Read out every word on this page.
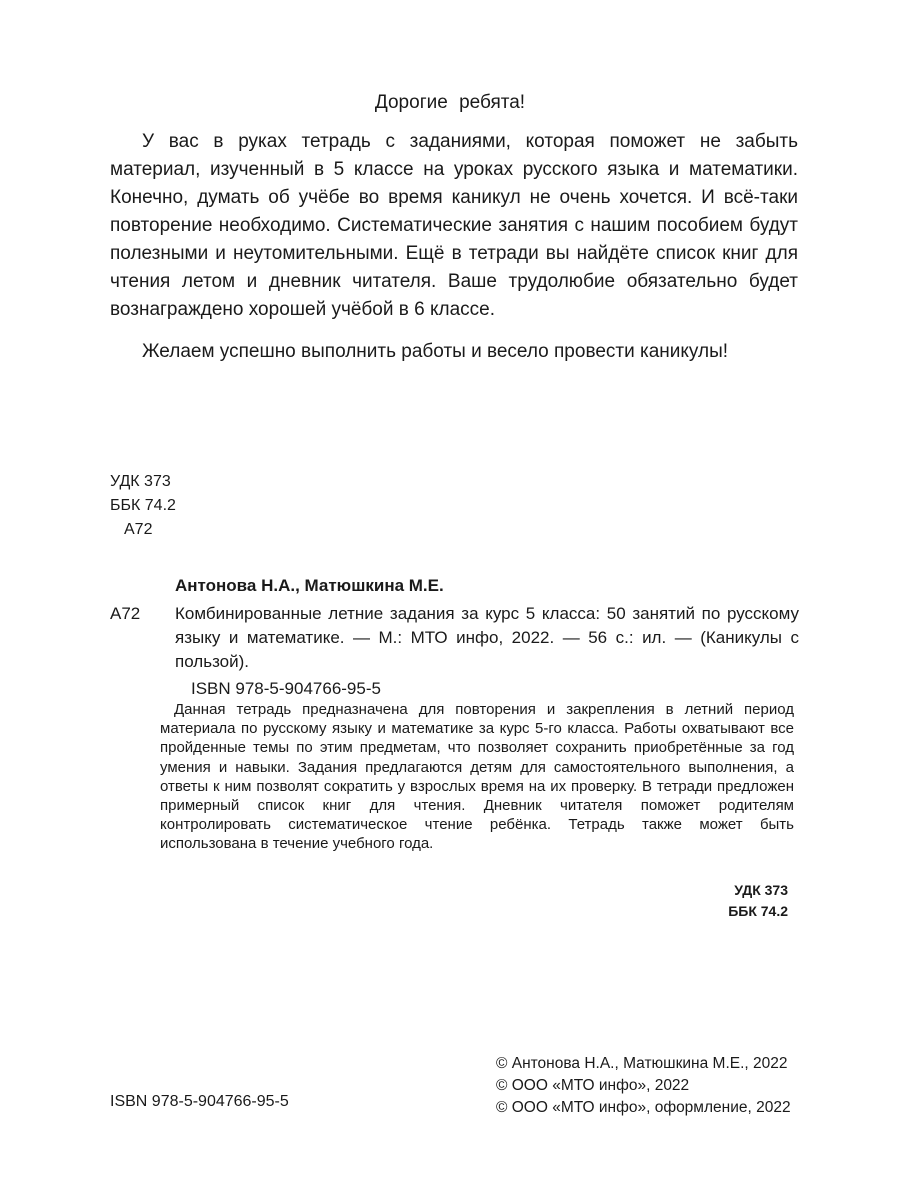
Дорогие ребята!

У вас в руках тетрадь с заданиями, которая поможет не забыть материал, изученный в 5 классе на уроках русского языка и математики. Конечно, думать об учёбе во время каникул не очень хочется. И всё-таки повторение необходимо. Систематические занятия с нашим пособием будут полезными и неутомительными. Ещё в тетради вы найдёте список книг для чтения летом и дневник читателя. Ваше трудолюбие обязательно будет вознаграждено хорошей учёбой в 6 классе.

Желаем успешно выполнить работы и весело провести каникулы!

УДК 373
ББК 74.2
А72
Антонова Н.А., Матюшкина М.Е.
А72 Комбинированные летние задания за курс 5 класса: 50 занятий по русскому языку и математике. — М.: МТО инфо, 2022. — 56 с.: ил. — (Каникулы с пользой).

ISBN 978-5-904766-95-5

Данная тетрадь предназначена для повторения и закрепления в летний период материала по русскому языку и математике за курс 5-го класса. Работы охватывают все пройденные темы по этим предметам, что позволяет сохранить приобретённые за год умения и навыки. Задания предлагаются детям для самостоятельного выполнения, а ответы к ним позволят сократить у взрослых время на их проверку. В тетради предложен примерный список книг для чтения. Дневник читателя поможет родителям контролировать систематическое чтение ребёнка. Тетрадь также может быть использована в течение учебного года.

УДК 373
ББК 74.2
ISBN 978-5-904766-95-5
© Антонова Н.А., Матюшкина М.Е., 2022
© ООО «МТО инфо», 2022
© ООО «МТО инфо», оформление, 2022
